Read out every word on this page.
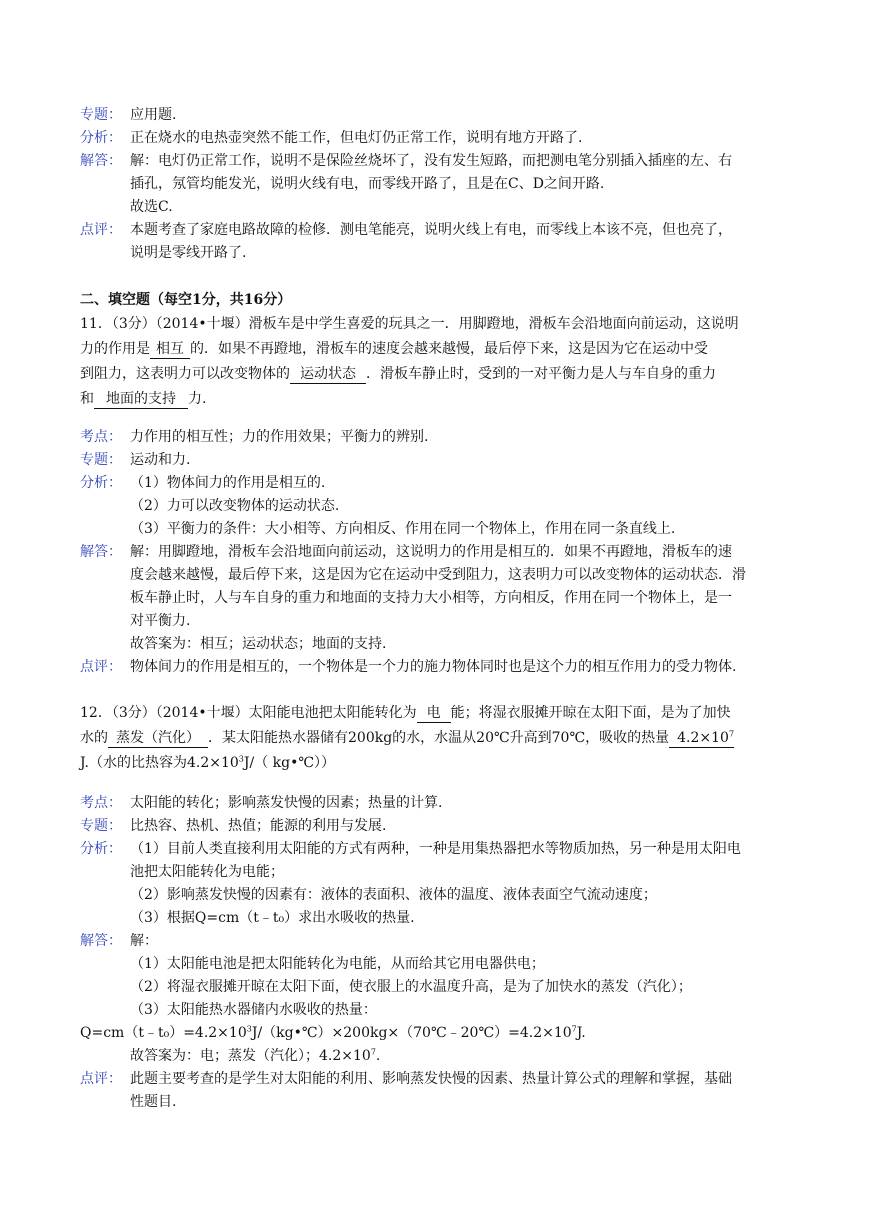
专题： 应用题.
分析： 正在烧水的电热壶突然不能工作，但电灯仍正常工作，说明有地方开路了.
解答： 解：电灯仍正常工作，说明不是保险丝烧坏了，没有发生短路，而把测电笔分别插入插座的左、右
插孔，氖管均能发光，说明火线有电，而零线开路了，且是在C、D之间开路.
故选C.
点评： 本题考查了家庭电路故障的检修．测电笔能亮，说明火线上有电，而零线上本该不亮，但也亮了，
说明是零线开路了.
二、填空题（每空1分，共16分）
11．（3分）（2014•十堰）滑板车是中学生喜爱的玩具之一．用脚蹬地，滑板车会沿地面向前运动，这说明
力的作用是 相互 的．如果不再蹬地，滑板车的速度会越来越慢，最后停下来，这是因为它在运动中受
到阻力，这表明力可以改变物体的 运动状态 ．滑板车静止时，受到的一对平衡力是人与车自身的重力
和 地面的支持 力.
考点： 力作用的相互性；力的作用效果；平衡力的辨别.
专题： 运动和力.
分析： （1）物体间力的作用是相互的.
（2）力可以改变物体的运动状态.
（3）平衡力的条件：大小相等、方向相反、作用在同一个物体上，作用在同一条直线上.
解答： 解：用脚蹬地，滑板车会沿地面向前运动，这说明力的作用是相互的．如果不再蹬地，滑板车的速
度会越来越慢，最后停下来，这是因为它在运动中受到阻力，这表明力可以改变物体的运动状态．滑
板车静止时，人与车自身的重力和地面的支持力大小相等，方向相反，作用在同一个物体上，是一
对平衡力.
故答案为：相互；运动状态；地面的支持.
点评： 物体间力的作用是相互的，一个物体是一个力的施力物体同时也是这个力的相互作用力的受力物体.
12．（3分）（2014•十堰）太阳能电池把太阳能转化为 电 能；将湿衣服摊开晾在太阳下面，是为了加快
水的 蒸发（汽化） ．某太阳能热水器储有200kg的水，水温从20℃升高到70℃，吸收的热量 $4.2\times 10^7$
J.（水的比热容为$4.2\times 10^3J/$（ kg•℃））
考点： 太阳能的转化；影响蒸发快慢的因素；热量的计算.
专题： 比热容、热机、热值；能源的利用与发展.
分析： （1）目前人类直接利用太阳能的方式有两种，一种是用集热器把水等物质加热，另一种是用太阳电
池把太阳能转化为电能；
（2）影响蒸发快慢的因素有：液体的表面积、液体的温度、液体表面空气流动速度；
（3）根据Q=cm（t﹣t₀）求出水吸收的热量.
解答： 解：
（1）太阳能电池是把太阳能转化为电能，从而给其它用电器供电；
（2）将湿衣服摊开晾在太阳下面，使衣服上的水温度升高，是为了加快水的蒸发（汽化）；
（3）太阳能热水器储内水吸收的热量：
$Q=cm(t﹣t_0)=4.2\times 10^3J/(kg•℃)\times 200kg\times(70℃﹣20℃)=4.2\times 10^7J$.
故答案为：电；蒸发（汽化）；$4.2\times 10^7$.
点评： 此题主要考查的是学生对太阳能的利用、影响蒸发快慢的因素、热量计算公式的理解和掌握，基础
性题目.
